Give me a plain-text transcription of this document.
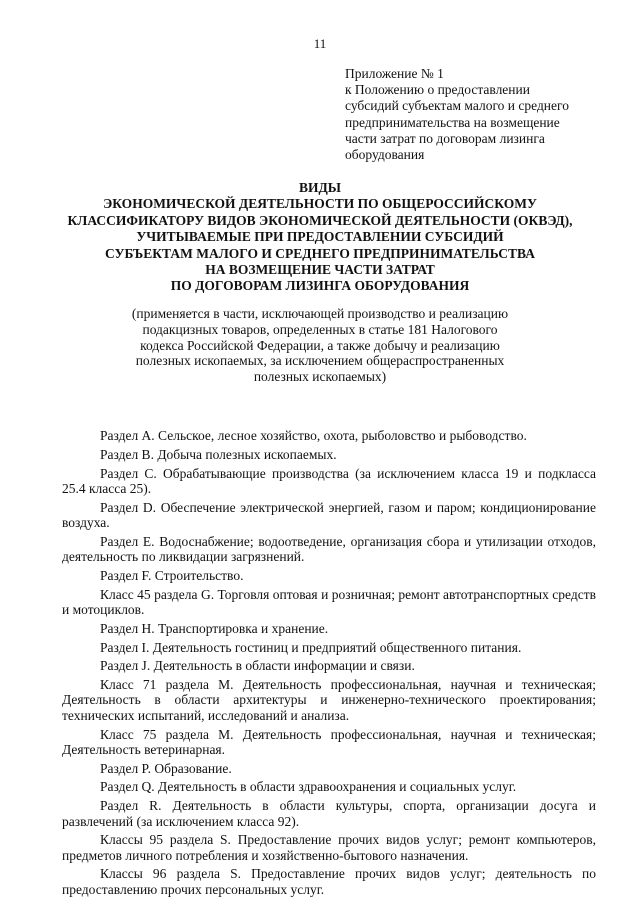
11
Приложение № 1
к Положению о предоставлении
субсидий субъектам малого и среднего
предпринимательства на возмещение
части затрат по договорам лизинга
оборудования
ВИДЫ
ЭКОНОМИЧЕСКОЙ ДЕЯТЕЛЬНОСТИ ПО ОБЩЕРОССИЙСКОМУ
КЛАССИФИКАТОРУ ВИДОВ ЭКОНОМИЧЕСКОЙ ДЕЯТЕЛЬНОСТИ (ОКВЭД),
УЧИТЫВАЕМЫЕ ПРИ ПРЕДОСТАВЛЕНИИ СУБСИДИЙ
СУБЪЕКТАМ МАЛОГО И СРЕДНЕГО ПРЕДПРИНИМАТЕЛЬСТВА
НА ВОЗМЕЩЕНИЕ ЧАСТИ ЗАТРАТ
ПО ДОГОВОРАМ ЛИЗИНГА ОБОРУДОВАНИЯ
(применяется в части, исключающей производство и реализацию
подакцизных товаров, определенных в статье 181 Налогового
кодекса Российской Федерации, а также добычу и реализацию
полезных ископаемых, за исключением общераспространенных
полезных ископаемых)
Раздел A. Сельское, лесное хозяйство, охота, рыболовство и рыбоводство.
Раздел B. Добыча полезных ископаемых.
Раздел C. Обрабатывающие производства (за исключением класса 19 и подкласса 25.4 класса 25).
Раздел D. Обеспечение электрической энергией, газом и паром; кондиционирование воздуха.
Раздел E. Водоснабжение; водоотведение, организация сбора и утилизации отходов, деятельность по ликвидации загрязнений.
Раздел F. Строительство.
Класс 45 раздела G. Торговля оптовая и розничная; ремонт автотранспортных средств и мотоциклов.
Раздел H. Транспортировка и хранение.
Раздел I. Деятельность гостиниц и предприятий общественного питания.
Раздел J. Деятельность в области информации и связи.
Класс 71 раздела M. Деятельность профессиональная, научная и техническая; Деятельность в области архитектуры и инженерно-технического проектирования; технических испытаний, исследований и анализа.
Класс 75 раздела M. Деятельность профессиональная, научная и техническая; Деятельность ветеринарная.
Раздел P. Образование.
Раздел Q. Деятельность в области здравоохранения и социальных услуг.
Раздел R. Деятельность в области культуры, спорта, организации досуга и развлечений (за исключением класса 92).
Классы 95 раздела S. Предоставление прочих видов услуг; ремонт компьютеров, предметов личного потребления и хозяйственно-бытового назначения.
Классы 96 раздела S. Предоставление прочих видов услуг; деятельность по предоставлению прочих персональных услуг.
